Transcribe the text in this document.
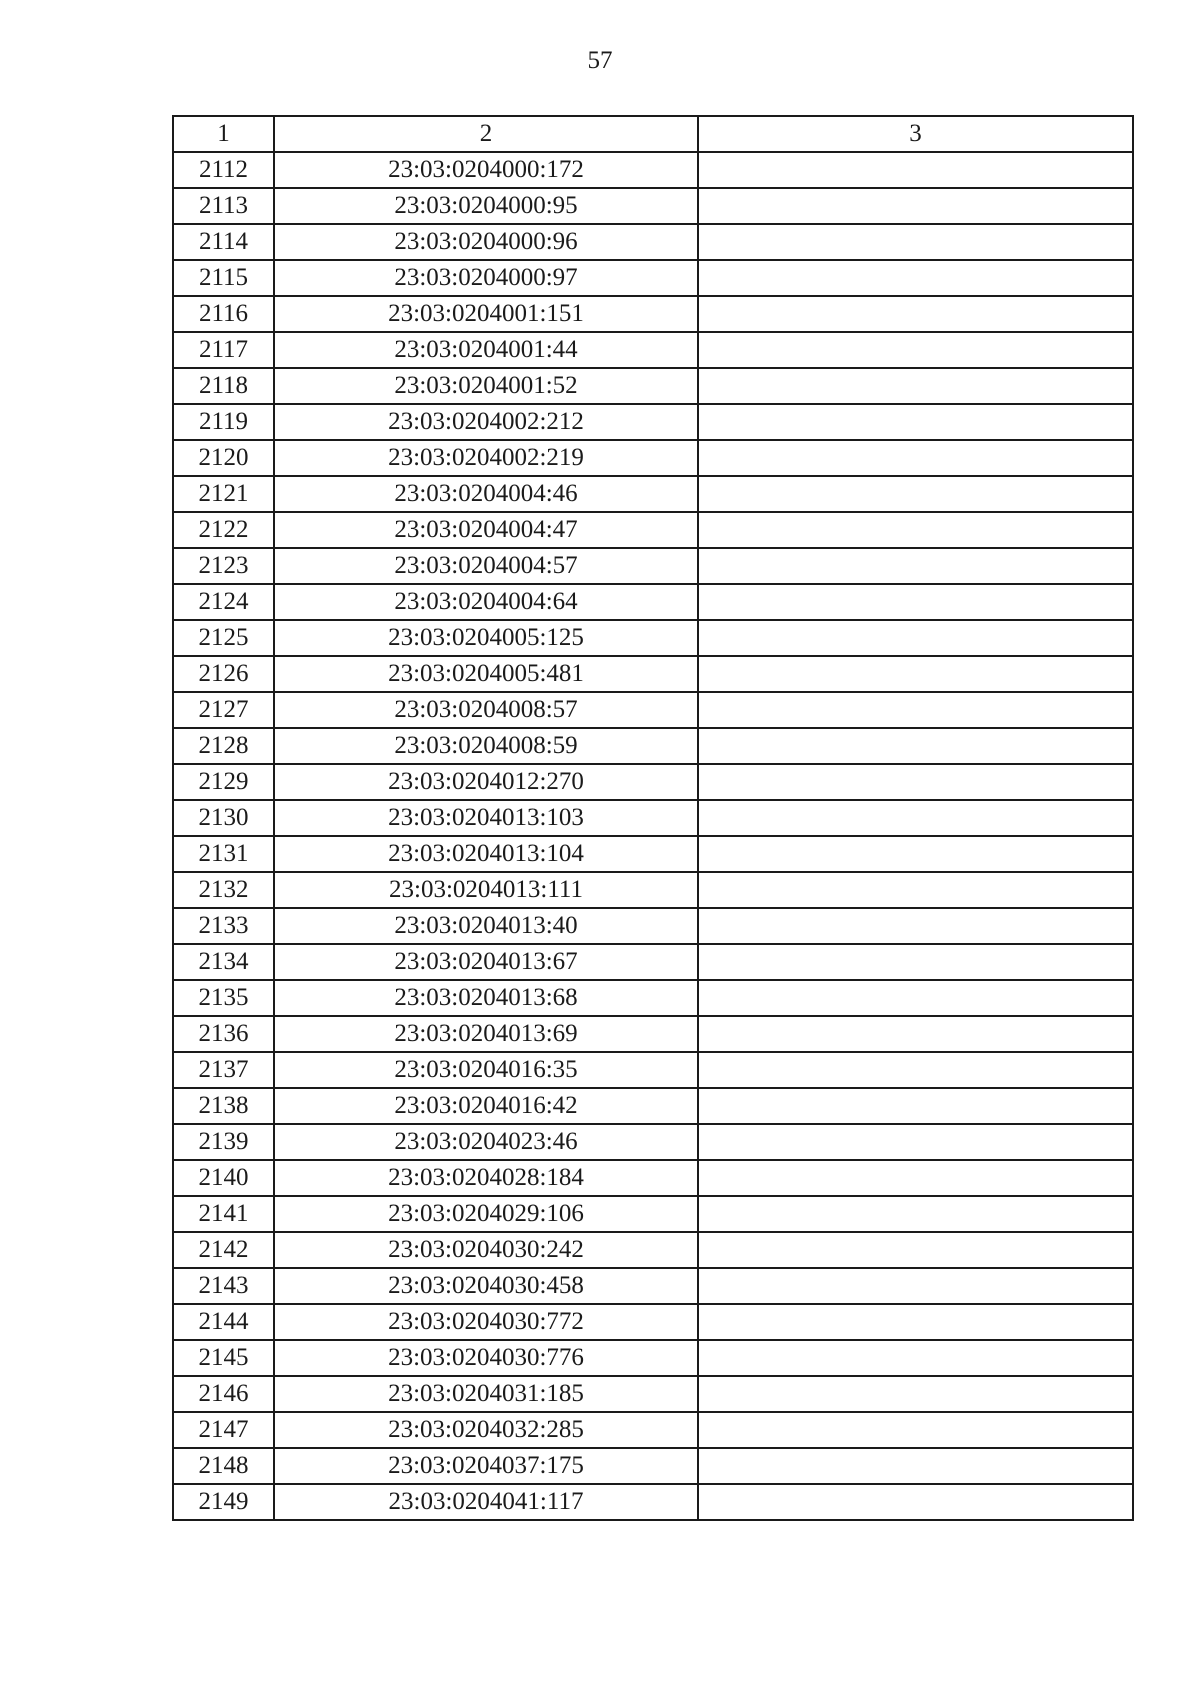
57
1	2	3
2112	23:03:0204000:172	
2113	23:03:0204000:95	
2114	23:03:0204000:96	
2115	23:03:0204000:97	
2116	23:03:0204001:151	
2117	23:03:0204001:44	
2118	23:03:0204001:52	
2119	23:03:0204002:212	
2120	23:03:0204002:219	
2121	23:03:0204004:46	
2122	23:03:0204004:47	
2123	23:03:0204004:57	
2124	23:03:0204004:64	
2125	23:03:0204005:125	
2126	23:03:0204005:481	
2127	23:03:0204008:57	
2128	23:03:0204008:59	
2129	23:03:0204012:270	
2130	23:03:0204013:103	
2131	23:03:0204013:104	
2132	23:03:0204013:111	
2133	23:03:0204013:40	
2134	23:03:0204013:67	
2135	23:03:0204013:68	
2136	23:03:0204013:69	
2137	23:03:0204016:35	
2138	23:03:0204016:42	
2139	23:03:0204023:46	
2140	23:03:0204028:184	
2141	23:03:0204029:106	
2142	23:03:0204030:242	
2143	23:03:0204030:458	
2144	23:03:0204030:772	
2145	23:03:0204030:776	
2146	23:03:0204031:185	
2147	23:03:0204032:285	
2148	23:03:0204037:175	
2149	23:03:0204041:117	
